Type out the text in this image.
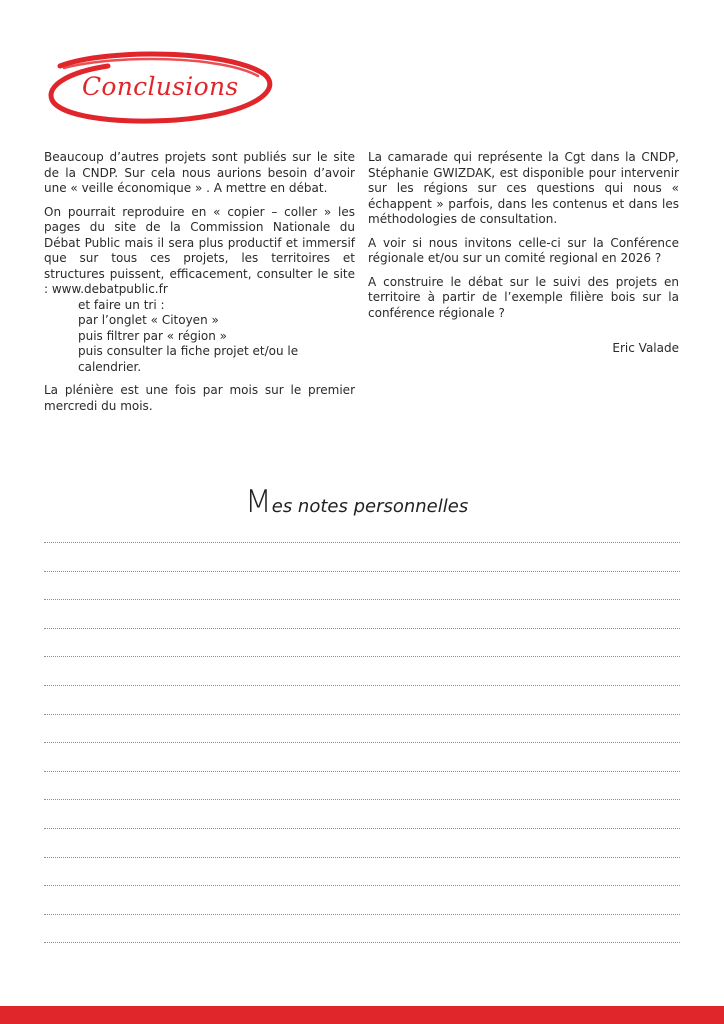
Conclusions

Beaucoup d’autres projets sont publiés sur le site de la CNDP. Sur cela nous aurions besoin d’avoir une « veille économique » . A mettre en débat.

On pourrait reproduire en « copier – coller » les pages du site de la Commission Nationale du Débat Public mais il sera plus productif et immersif que sur tous ces projets, les territoires et structures puissent, efficacement, consulter le site : www.debatpublic.fr

et faire un tri :
par l’onglet « Citoyen »
puis filtrer par « région »
puis consulter la fiche projet et/ou le calendrier.

La plénière est une fois par mois sur le premier mercredi du mois.

La camarade qui représente la Cgt dans la CNDP, Stéphanie GWIZDAK, est disponible pour intervenir sur les régions sur ces questions qui nous « échappent » parfois, dans les contenus et dans les méthodologies de consultation.

A voir si nous invitons celle-ci sur la Conférence régionale et/ou sur un comité regional en 2026 ?

A construire le débat sur le suivi des projets en territoire à partir de l’exemple filière bois sur la conférence régionale ?

Eric Valade
Mes notes personnelles
